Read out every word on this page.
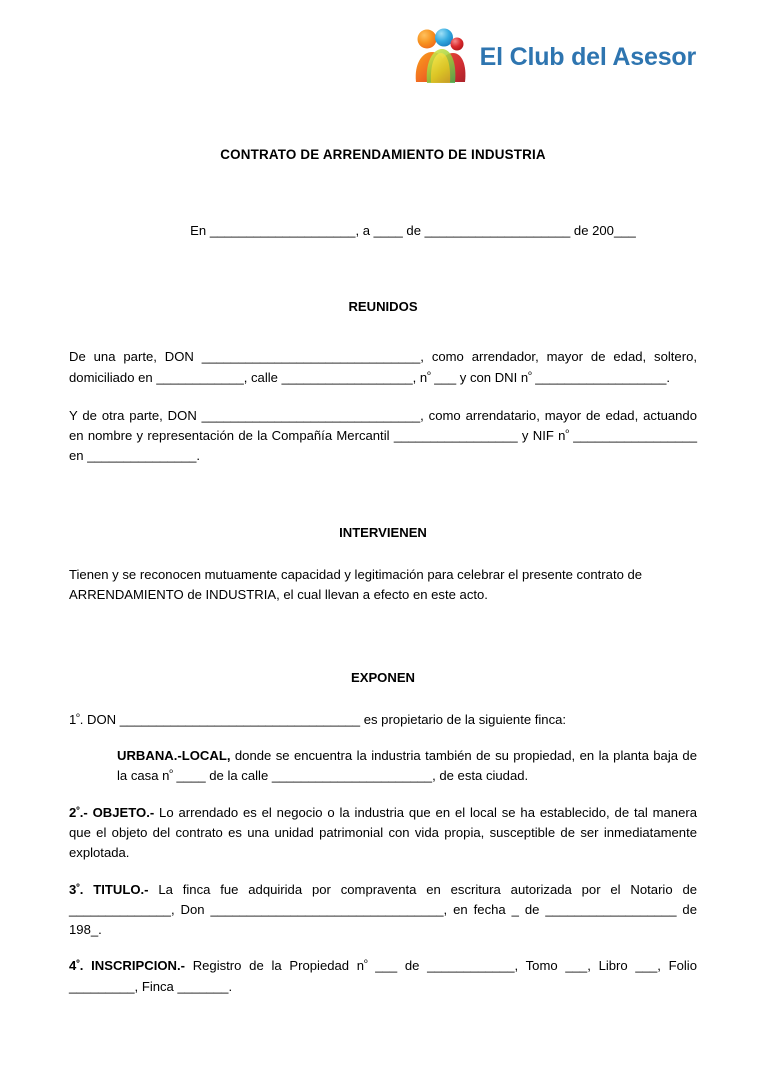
El Club del Asesor

CONTRATO DE ARRENDAMIENTO DE INDUSTRIA

En ____________________, a ____ de ____________________ de 200___

REUNIDOS

De una parte, DON ______________________________, como arrendador, mayor de edad, soltero, domiciliado en ____________, calle __________________, $n^º$ ___ y con DNI $n^º$ __________________.

Y de otra parte, DON ______________________________, como arrendatario, mayor de edad, actuando en nombre y representación de la Compañía Mercantil _________________ y NIF $n^º$ _________________ en _______________.

INTERVIENEN

Tienen y se reconocen mutuamente capacidad y legitimación para celebrar el presente contrato de ARRENDAMIENTO de INDUSTRIA, el cual llevan a efecto en este acto.

EXPONEN

$1^º$. DON _________________________________ es propietario de la siguiente finca:

URBANA.-LOCAL, donde se encuentra la industria también de su propiedad, en la planta baja de la casa $n^º$ ____ de la calle ______________________, de esta ciudad.

$2^º.-$ OBJETO.- Lo arrendado es el negocio o la industria que en el local se ha establecido, de tal manera que el objeto del contrato es una unidad patrimonial con vida propia, susceptible de ser inmediatamente explotada.

$3^º$. TITULO.- La finca fue adquirida por compraventa en escritura autorizada por el Notario de ______________, Don ________________________________, en fecha _ de __________________ de 198_.

$4^º$. INSCRIPCION.- Registro de la Propiedad $n^º$ ___ de ____________, Tomo ___, Libro ___, Folio _________, Finca _______.
